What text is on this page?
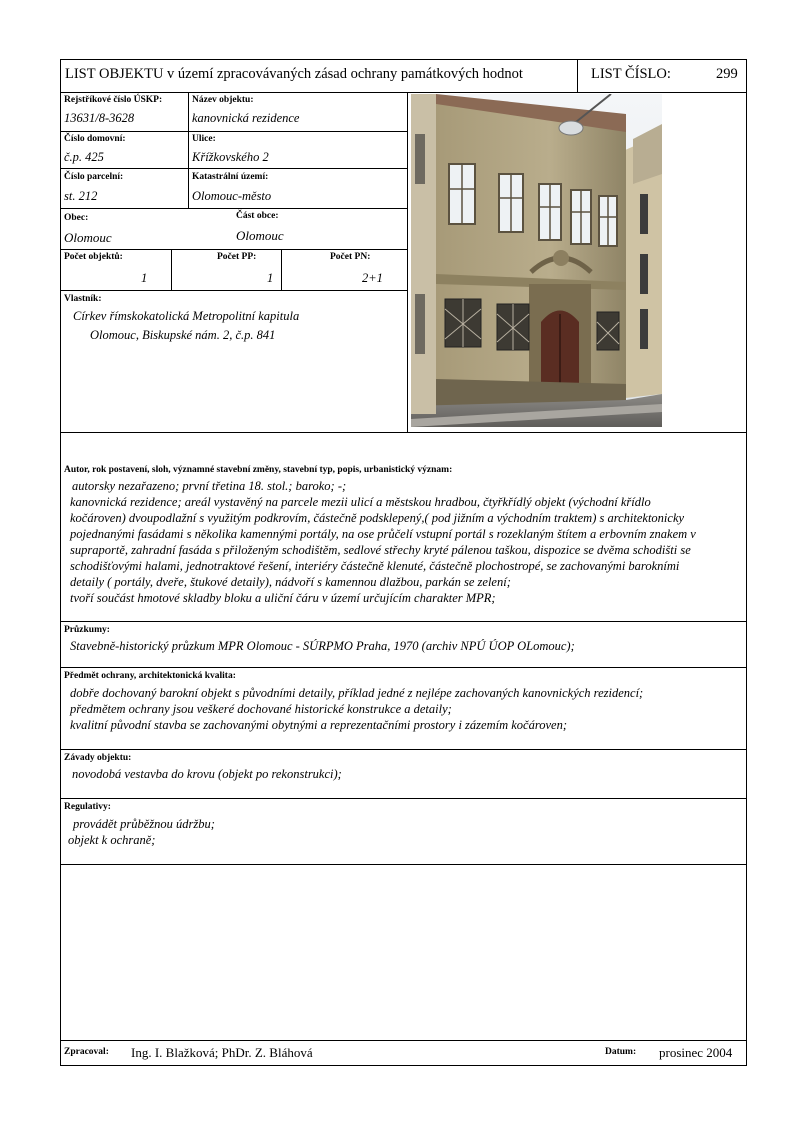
LIST OBJEKTU v území zpracovávaných zásad ochrany památkových hodnot	LIST ČÍSLO:	299
Rejstříkové číslo ÚSKP:
13631/8-3628
Název objektu:
kanovnická rezidence
Číslo domovní:
č.p. 425
Ulice:
Křížkovského 2
Číslo parcelní:
st. 212
Katastrální území:
Olomouc-město
Obec:
Olomouc
Část obce:
Olomouc
Počet objektů:
1
Počet PP:
1
Počet PN:
2+1
Vlastník:
Církev římskokatolická Metropolitní kapitula
Olomouc, Biskupské nám. 2, č.p. 841
Autor, rok postavení, sloh, významné stavební změny, stavební typ, popis, urbanistický význam:
autorsky nezařazeno; první třetina 18. stol.; baroko; -;
kanovnická rezidence; areál vystavěný na parcele mezii ulicí a městskou hradbou, čtyřkřídlý objekt (východní křídlo
kočároven) dvoupodlažní s využitým podkrovím, částečně podsklepený,( pod jižním a východním traktem) s architektonicky
pojednanými fasádami s několika kamennými portály, na ose průčelí vstupní portál s rozeklaným štítem a erbovním znakem v
supraportě, zahradní fasáda s přiloženým schodištěm, sedlové střechy kryté pálenou taškou, dispozice se dvěma schodišti se
schodišťovými halami, jednotraktové řešení, interiéry částečně klenuté, částečně plochostropé, se zachovanými barokními
detaily ( portály, dveře, štukové detaily), nádvoří s kamennou dlažbou, parkán se zelení;
tvoří součást hmotové skladby bloku a uliční čáru v území určujícím charakter MPR;
Průzkumy:
Stavebně-historický průzkum MPR Olomouc - SÚRPMO Praha, 1970 (archiv NPÚ ÚOP OLomouc);
Předmět ochrany, architektonická kvalita:
dobře dochovaný barokní objekt s původními detaily, příklad jedné z nejlépe zachovaných kanovnických rezidencí;
předmětem ochrany jsou veškeré dochované historické konstrukce a detaily;
kvalitní původní stavba se zachovanými obytnými a reprezentačními prostory i zázemím kočároven;
Závady objektu:
novodobá vestavba do krovu (objekt po rekonstrukci);
Regulativy:
provádět průběžnou údržbu;
objekt k ochraně;
Zpracoval: Ing. I. Blažková; PhDr. Z. Bláhová	Datum: prosinec 2004
